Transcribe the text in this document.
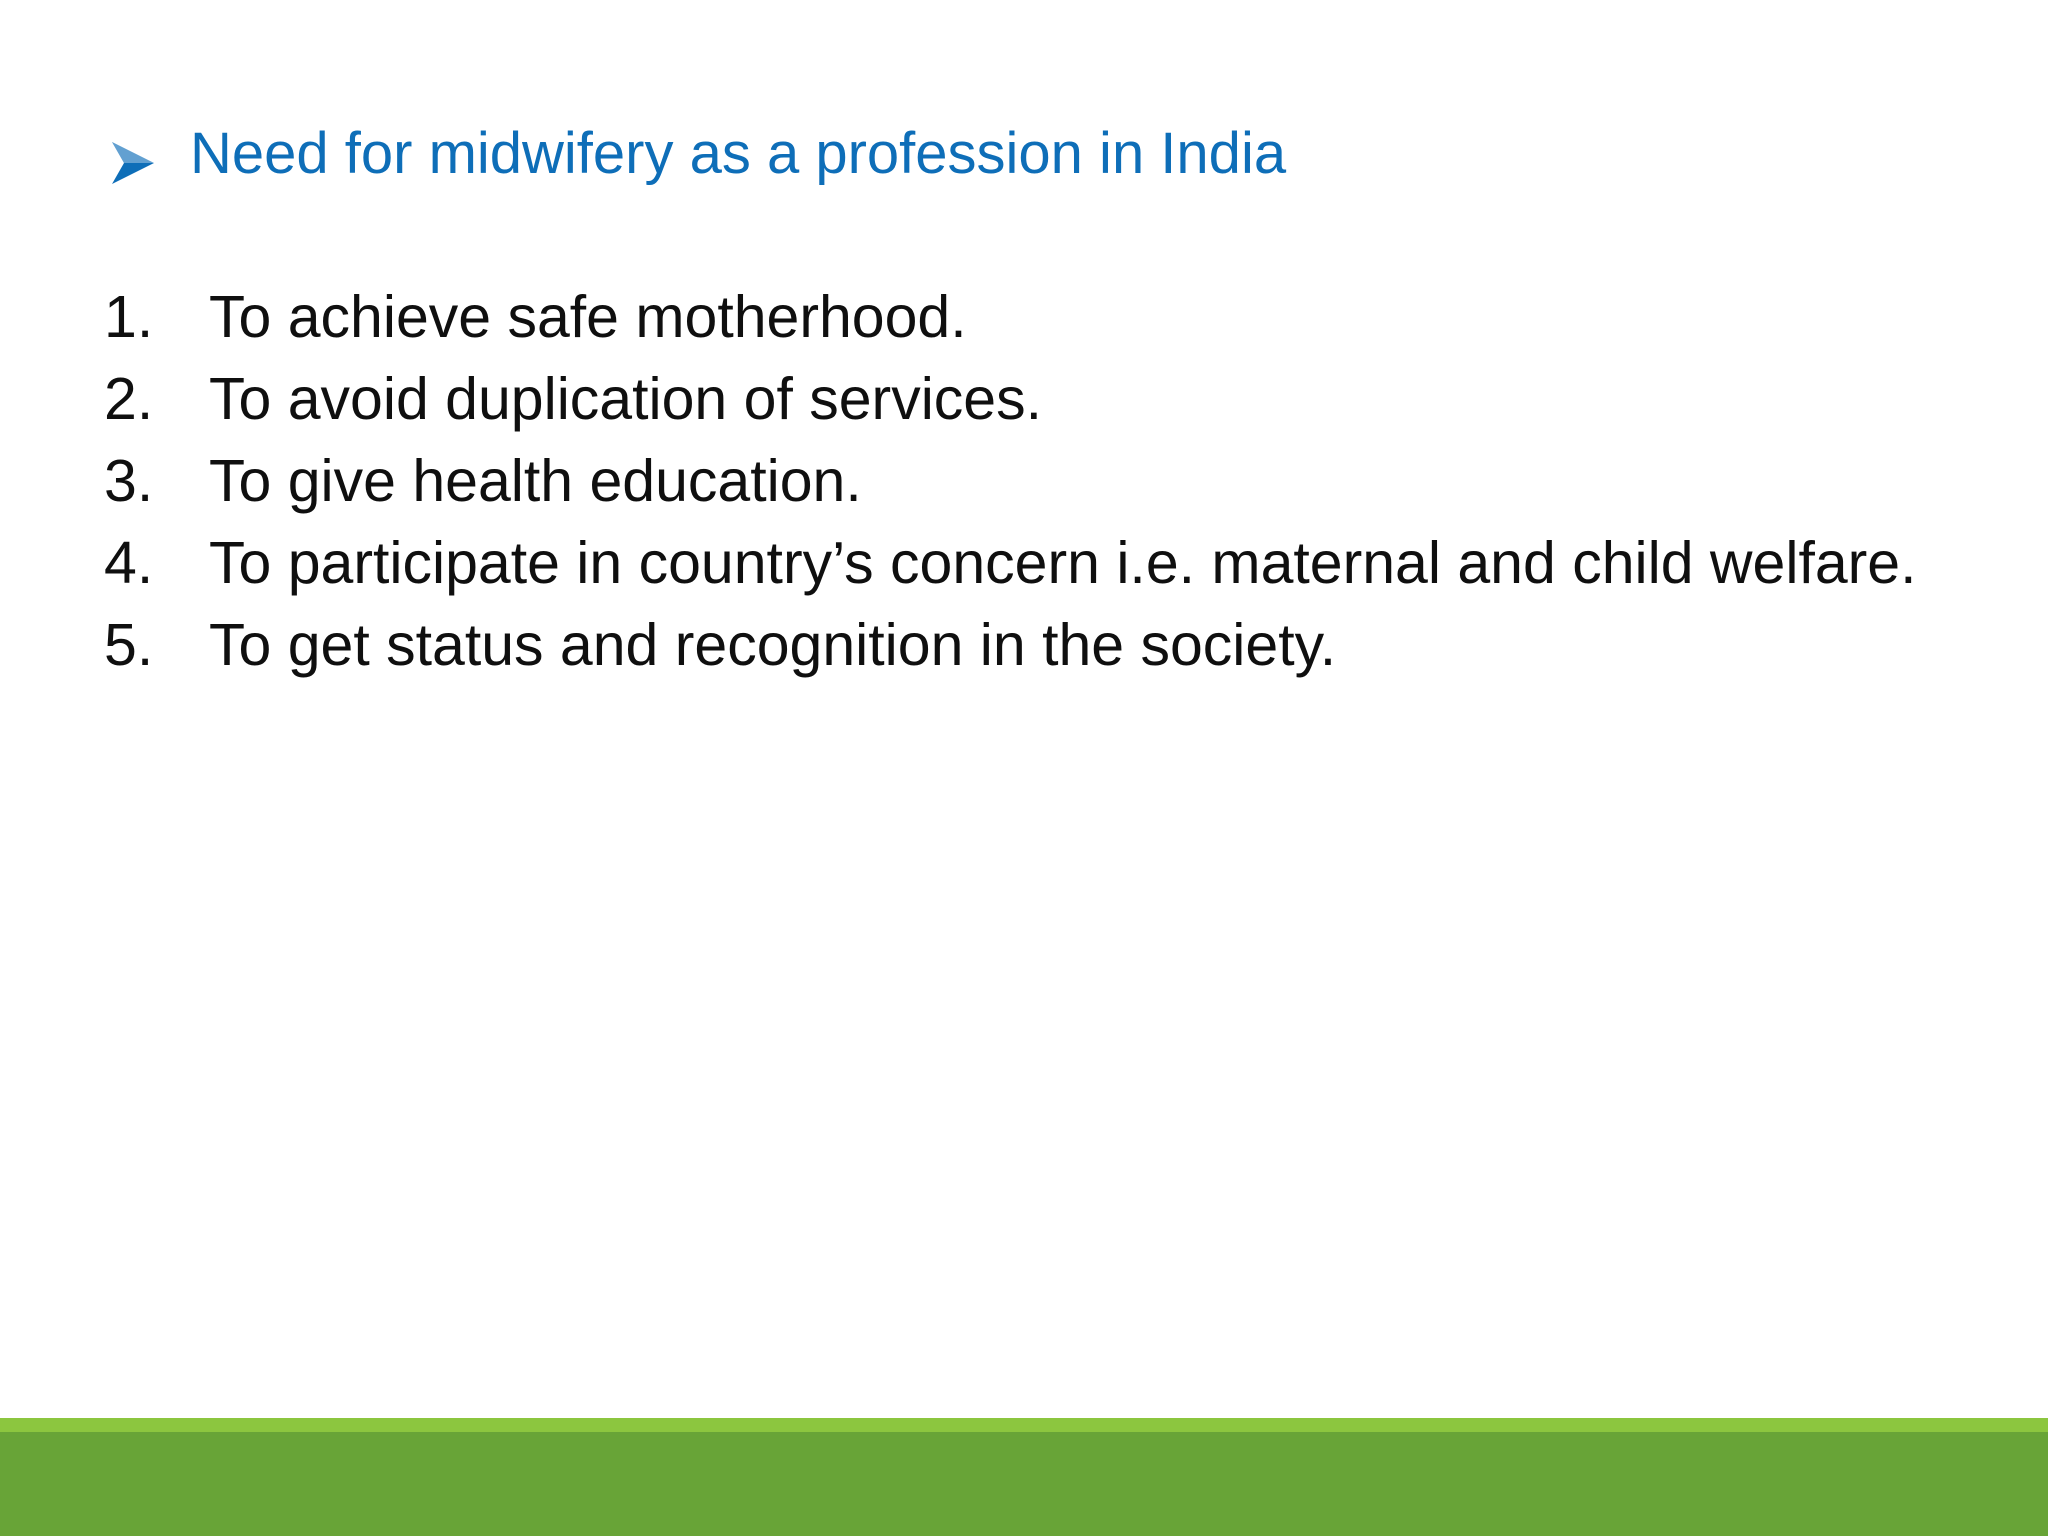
Need for midwifery as a profession in India
1. To achieve safe motherhood.
2. To avoid duplication of services.
3. To give health education.
4. To participate in country’s concern i.e. maternal and child welfare.
5. To get status and recognition in the society.
